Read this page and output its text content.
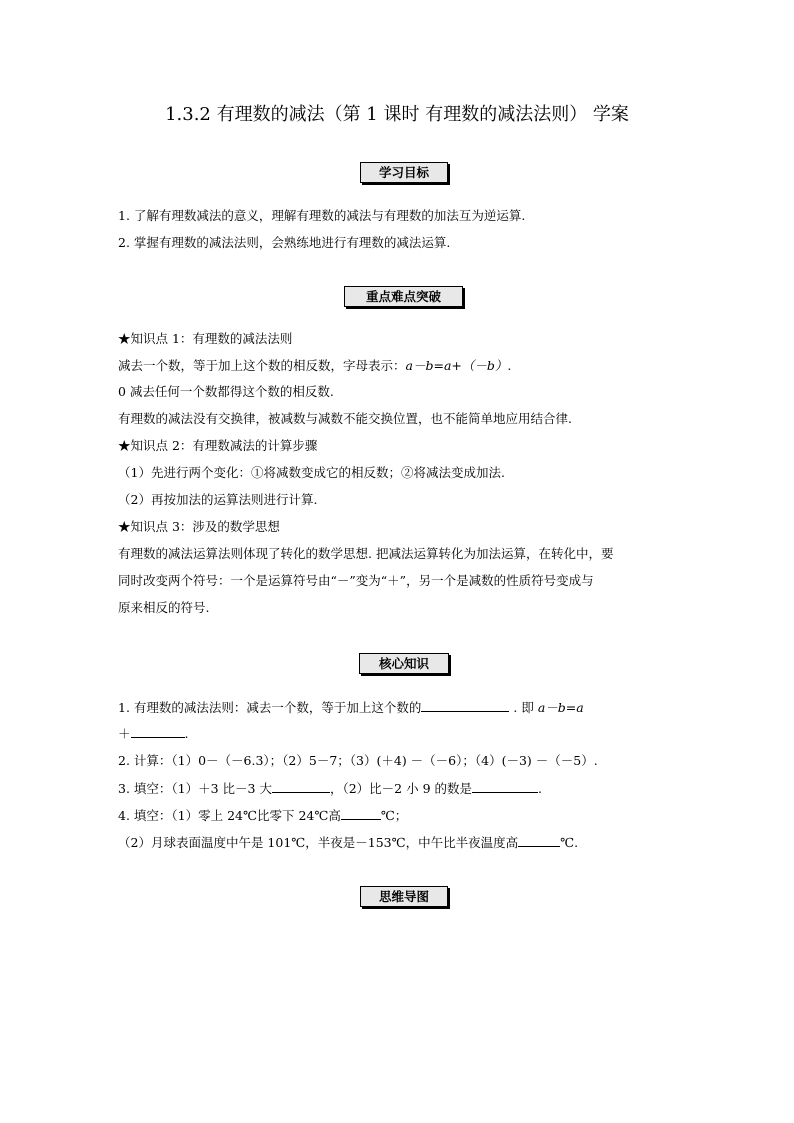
1.3.2 有理数的减法（第 1 课时 有理数的减法法则） 学案
学习目标
1. 了解有理数减法的意义，理解有理数的减法与有理数的加法互为逆运算.
2. 掌握有理数的减法法则，会熟练地进行有理数的减法运算.
重点难点突破
★知识点 1：有理数的减法法则
减去一个数，等于加上这个数的相反数，字母表示：a－b=a+（－b）.
0 减去任何一个数都得这个数的相反数.
有理数的减法没有交换律，被减数与减数不能交换位置，也不能简单地应用结合律.
★知识点 2：有理数减法的计算步骤
（1）先进行两个变化：①将减数变成它的相反数；②将减法变成加法.
（2）再按加法的运算法则进行计算.
★知识点 3：涉及的数学思想
有理数的减法运算法则体现了转化的数学思想. 把减法运算转化为加法运算，在转化中，要
同时改变两个符号：一个是运算符号由“－”变为“＋”，另一个是减数的性质符号变成与
原来相反的符号.
核心知识
1. 有理数的减法法则：减去一个数，等于加上这个数的	. 即 a－b=a
＋	.
2. 计算：（1）0－（－6.3）；（2）5－7；（3）(＋4) －（－6）；（4）(－3) －（－5）.
3. 填空：（1）＋3 比－3 大	，（2）比－2 小 9 的数是	.
4. 填空：（1）零上 24℃比零下 24℃高	℃；
（2）月球表面温度中午是 101℃，半夜是－153℃，中午比半夜温度高	℃.
思维导图
